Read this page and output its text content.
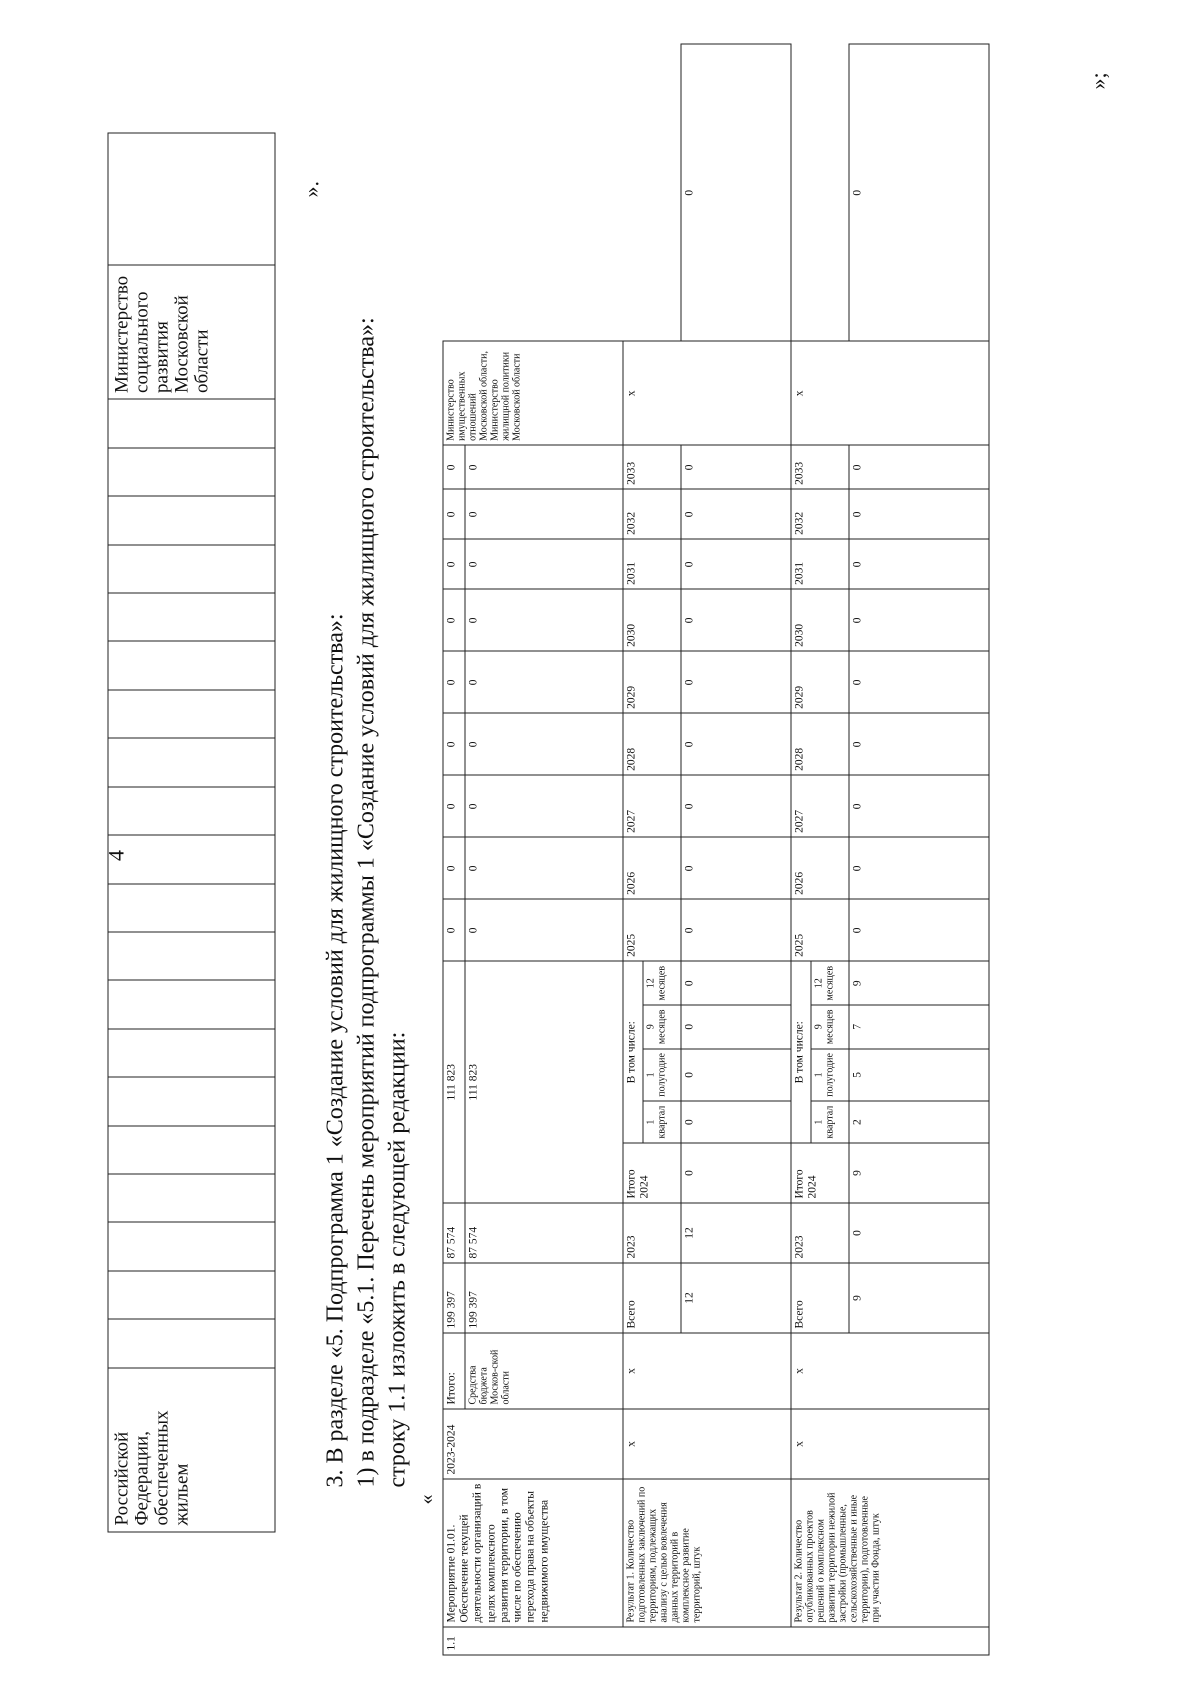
4
Российской Федерации, обеспеченных жильем																					Министерство социального развития Московской области	
».
3. В разделе «5. Подпрограмма 1 «Создание условий для жилищного строительства»: 1) в подразделе «5.1. Перечень мероприятий подпрограммы 1 «Создание условий для жилищного строительства»: строку 1.1 изложить в следующей редакции:
«
1.1	Мероприятие 01.01. Обеспечение текущей деятельности организаций в целях комплексного развития территории, в том числе по обеспечению перехода права на объекты недвижимого имущества	2023-2024	Итого:	199 397	87 574	111 823					0	0	0	0	0	0	0	0	0	Министерство имущественных отношений Московской области, Министерство жилищной политики Московской области	
			Средства бюджета Москов-ской области	199 397	87 574	111 823					0	0	0	0	0	0	0	0	0		
	Результат 1. Количество подготовленных заключений по территориям, подлежащих анализу с целью вовлечения данных территорий в комплексное развитие территорий, штук	x	x	Всего	2023	Итого 2024	В том числе:				2025	2026	2027	2028	2029	2030	2031	2032	2033	x	
							1 квартал	1 полугодие	9 месяцев	12 месяцев											
				12	12	0	0	0	0	0	0	0	0	0	0	0	0	0	0		0
	Результат 2. Количество опубликованных проектов решений о комплексном развитии территории нежилой застройки (промышленные, сельскохозяйственные и иные территории), подготовленные при участии Фонда, штук	x	x	Всего	2023	Итого 2024	В том числе:				2025	2026	2027	2028	2029	2030	2031	2032	2033	x	
							1 квартал	1 полугодие	9 месяцев	12 месяцев											
				9	0	9	2	5	7	9	0	0	0	0	0	0	0	0	0		0
»;
